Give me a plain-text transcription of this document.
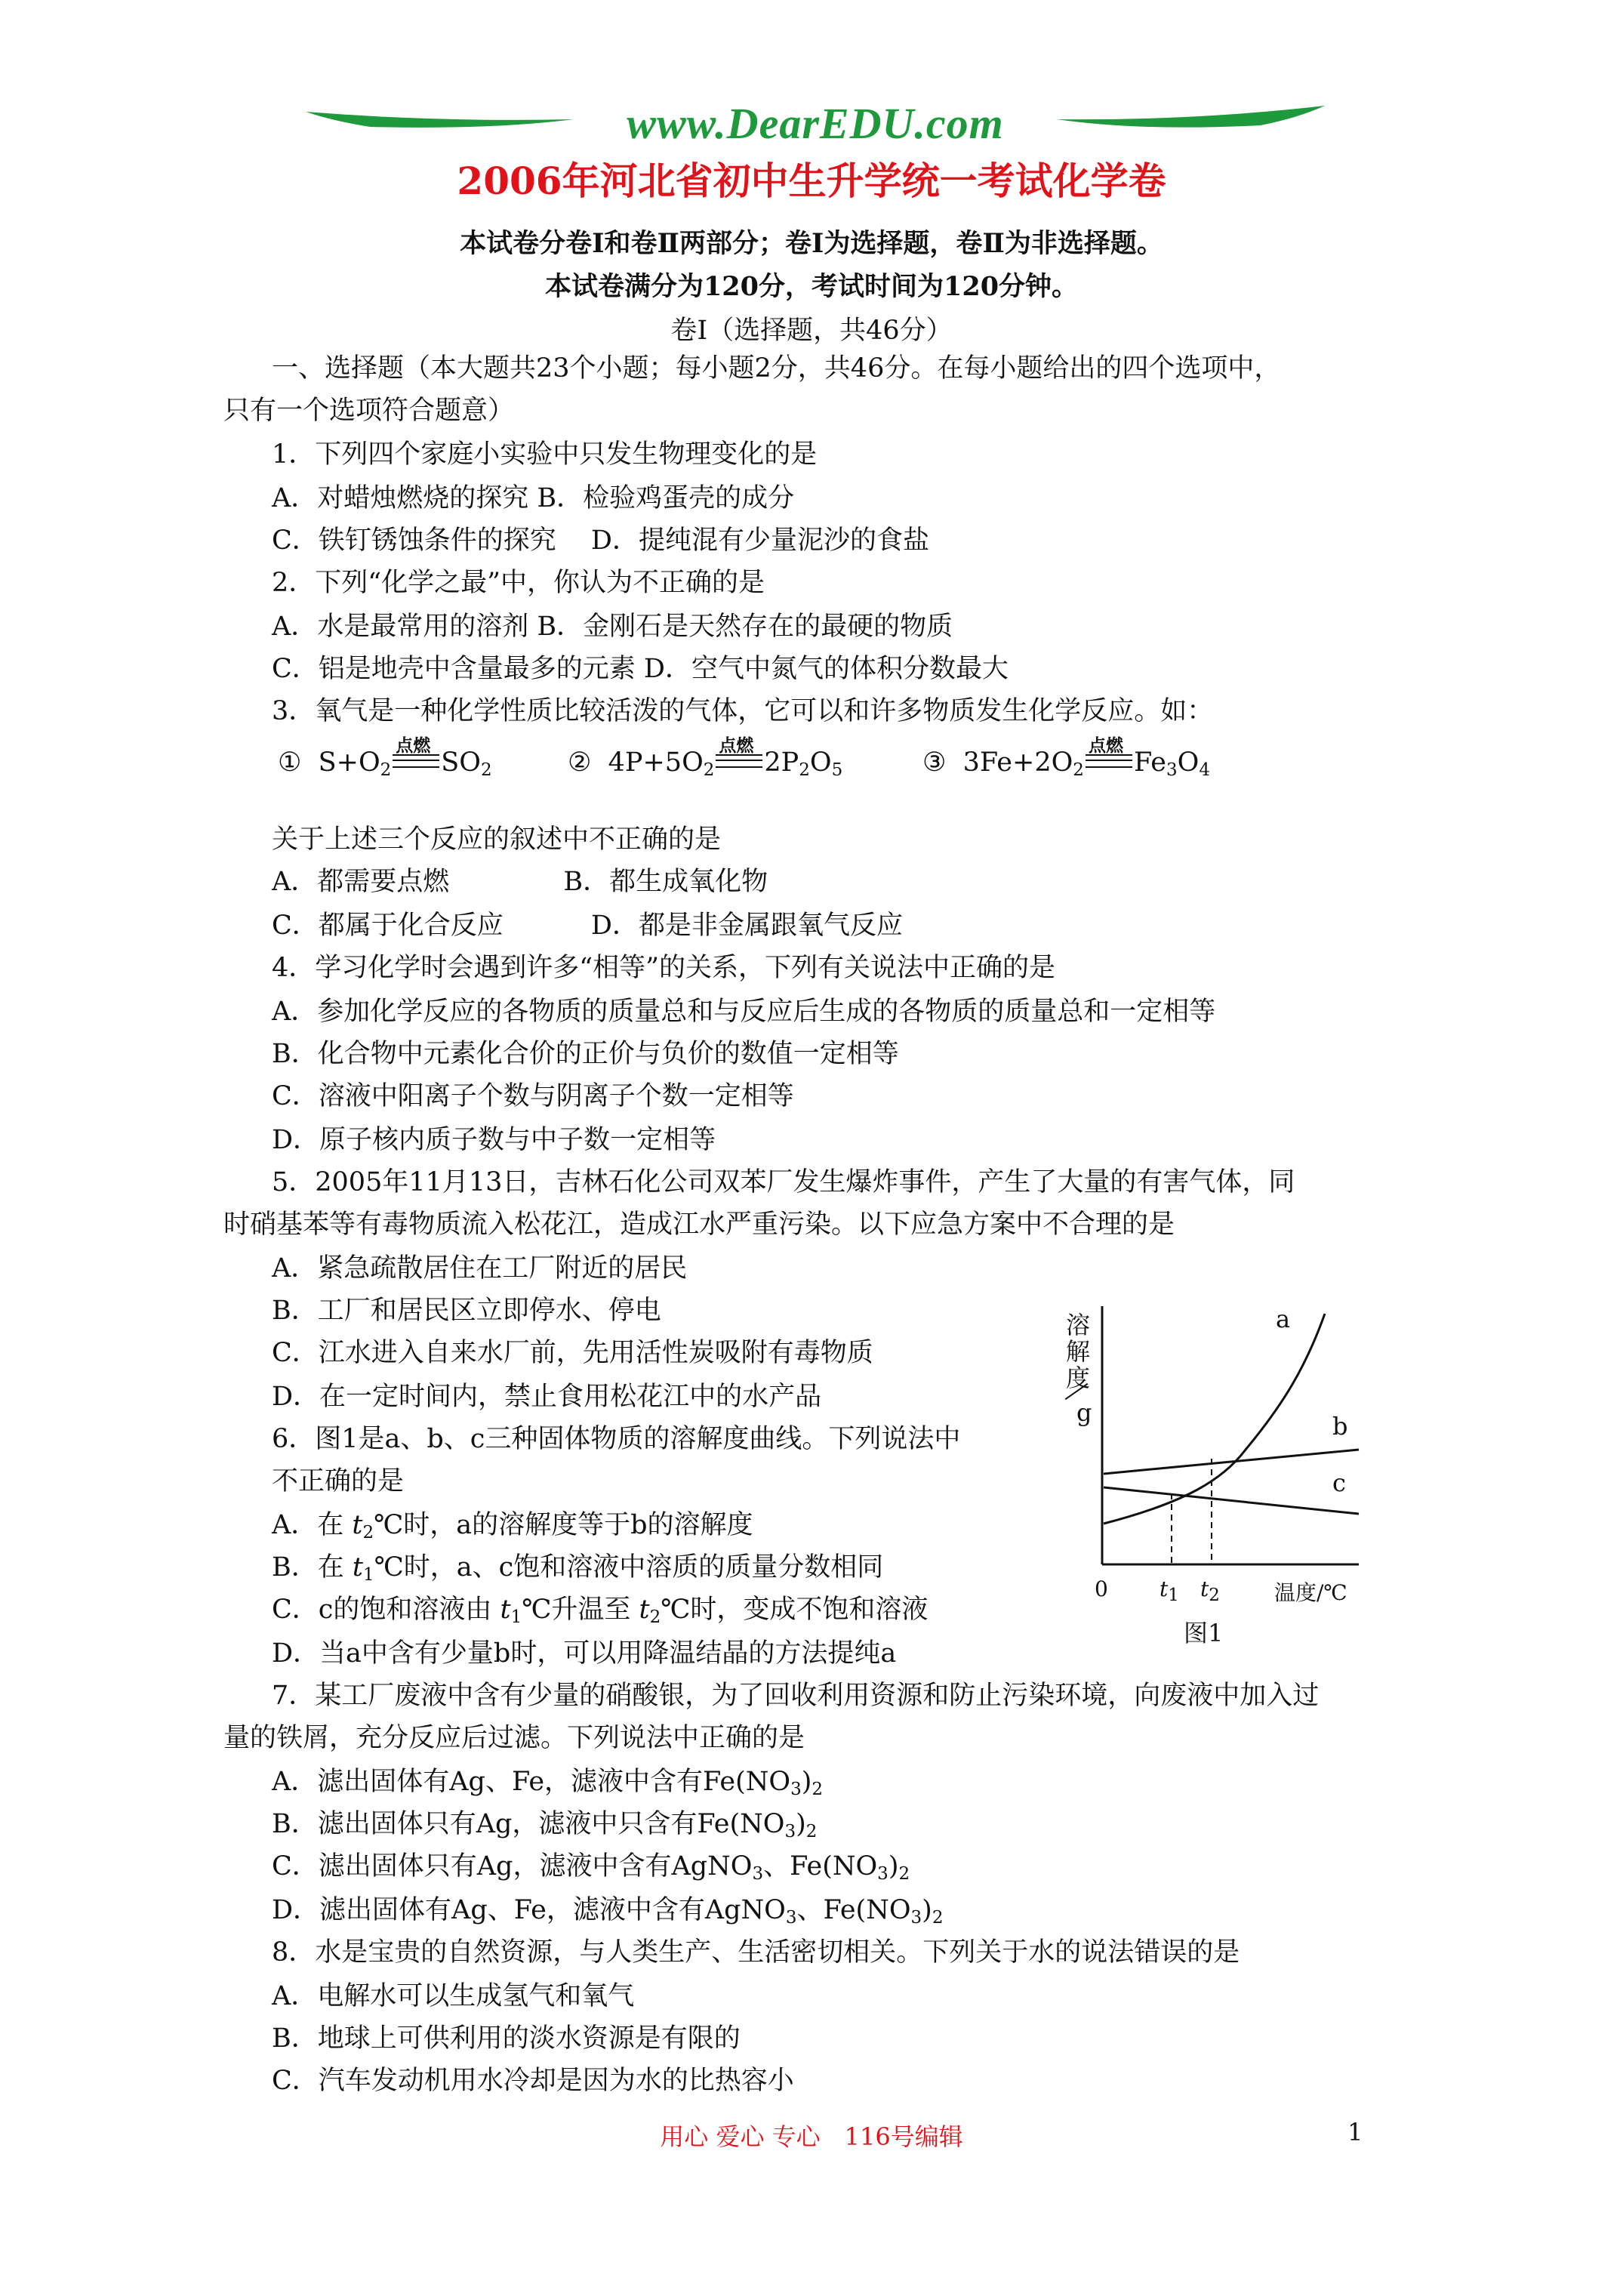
www.DearEDU.com
2006年河北省初中生升学统一考试化学卷
本试卷分卷Ⅰ和卷Ⅱ两部分；卷Ⅰ为选择题，卷Ⅱ为非选择题。
本试卷满分为120分，考试时间为120分钟。
卷Ⅰ（选择题，共46分）
一、选择题（本大题共23个小题；每小题2分，共46分。在每小题给出的四个选项中，
只有一个选项符合题意）
1．下列四个家庭小实验中只发生物理变化的是
A．对蜡烛燃烧的探究 B．检验鸡蛋壳的成分
C．铁钉锈蚀条件的探究　 D．提纯混有少量泥沙的食盐
2．下列“化学之最”中，你认为不正确的是
A．水是最常用的溶剂 B．金刚石是天然存在的最硬的物质
C．铝是地壳中含量最多的元素 D．空气中氮气的体积分数最大
3．氧气是一种化学性质比较活泼的气体，它可以和许多物质发生化学反应。如：
① $S+O_2$
点燃
$SO_2$	② $4P+5O_2$
点燃
$2P_2O_5$	③ $3Fe+2O_2$
点燃
$Fe_3O_4$
关于上述三个反应的叙述中不正确的是
A．都需要点燃　　　　 B．都生成氧化物
C．都属于化合反应　　　 D．都是非金属跟氧气反应
4．学习化学时会遇到许多“相等”的关系，下列有关说法中正确的是
A．参加化学反应的各物质的质量总和与反应后生成的各物质的质量总和一定相等
B．化合物中元素化合价的正价与负价的数值一定相等
C．溶液中阳离子个数与阴离子个数一定相等
D．原子核内质子数与中子数一定相等
5．2005年11月13日，吉林石化公司双苯厂发生爆炸事件，产生了大量的有害气体，同
时硝基苯等有毒物质流入松花江，造成江水严重污染。以下应急方案中不合理的是
A．紧急疏散居住在工厂附近的居民
B．工厂和居民区立即停水、停电
C．江水进入自来水厂前，先用活性炭吸附有毒物质
D．在一定时间内，禁止食用松花江中的水产品
6．图1是a、b、c三种固体物质的溶解度曲线。下列说法中
不正确的是
A．在 $t_2℃$时，a的溶解度等于b的溶解度
B．在 $t_1℃$时，a、c饱和溶液中溶质的质量分数相同
C．c的饱和溶液由 $t_1℃$升温至 $t_2℃$时，变成不饱和溶液
D．当a中含有少量b时，可以用降温结晶的方法提纯a
溶
解
度
g
a
b
c
0 $t_1$ $t_2$	温度/℃
图1
7．某工厂废液中含有少量的硝酸银，为了回收利用资源和防止污染环境，向废液中加入过
量的铁屑，充分反应后过滤。下列说法中正确的是
A．滤出固体有Ag、Fe，滤液中含有$Fe(NO_3)_2$
B．滤出固体只有Ag，滤液中只含有$Fe(NO_3)_2$
C．滤出固体只有Ag，滤液中含有AgNO$_3$、$Fe(NO_3)_2$
D．滤出固体有Ag、Fe，滤液中含有AgNO$_3$、$Fe(NO_3)_2$
8．水是宝贵的自然资源，与人类生产、生活密切相关。下列关于水的说法错误的是
A．电解水可以生成氢气和氧气
B．地球上可供利用的淡水资源是有限的
C．汽车发动机用水冷却是因为水的比热容小
用心 爱心 专心　116号编辑	1
